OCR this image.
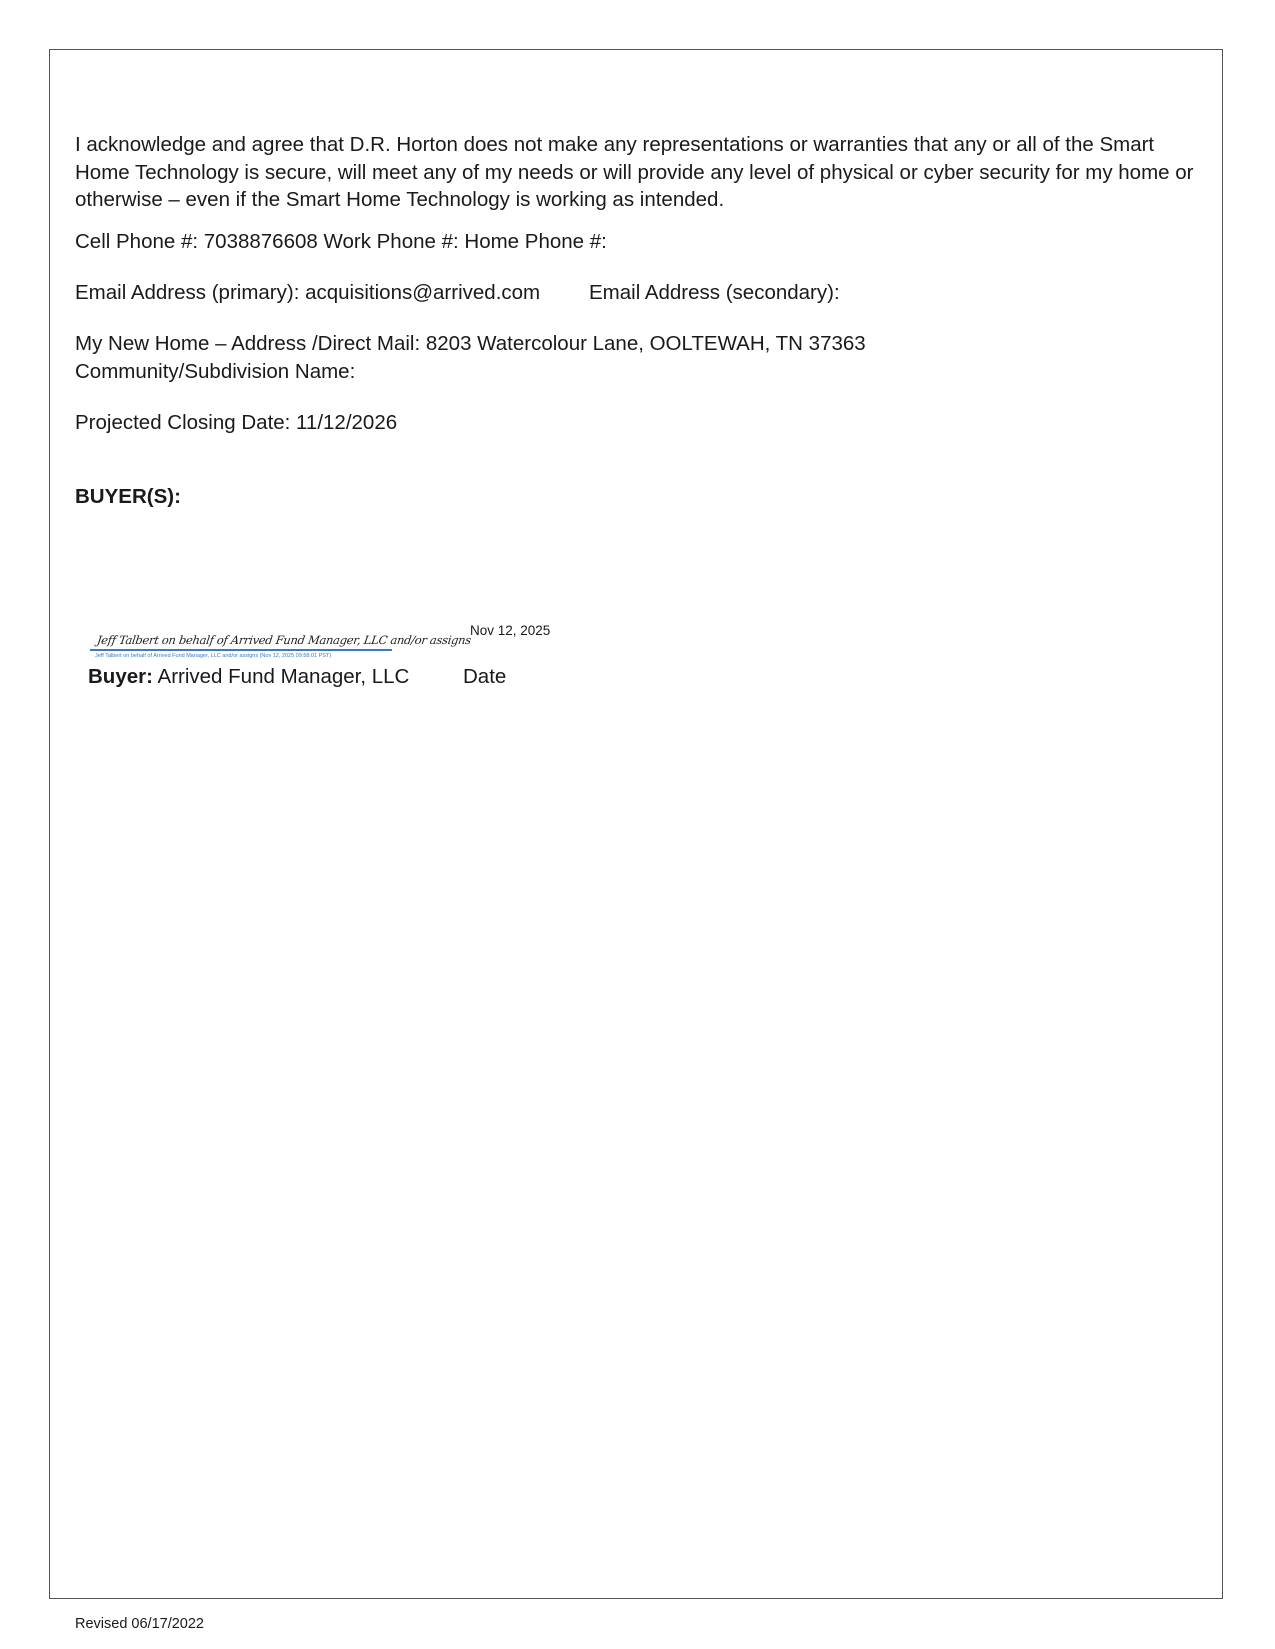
I acknowledge and agree that D.R. Horton does not make any representations or warranties that any or all of the Smart Home Technology is secure, will meet any of my needs or will provide any level of physical or cyber security for my home or otherwise – even if the Smart Home Technology is working as intended.
Cell Phone #: 7038876608 Work Phone #: Home Phone #:
Email Address (primary): acquisitions@arrived.com Email Address (secondary):
My New Home – Address /Direct Mail: 8203 Watercolour Lane, OOLTEWAH, TN 37363
Community/Subdivision Name:
Projected Closing Date: 11/12/2026
BUYER(S):
Nov 12, 2025
Jeff Talbert on behalf of Arrived Fund Manager, LLC and/or assigns
Jeff Talbert on behalf of Arrived Fund Manager, LLC and/or assigns (Nov 12, 2025 09:58:01 PST)
Buyer: Arrived Fund Manager, LLC	Date
Revised 06/17/2022
